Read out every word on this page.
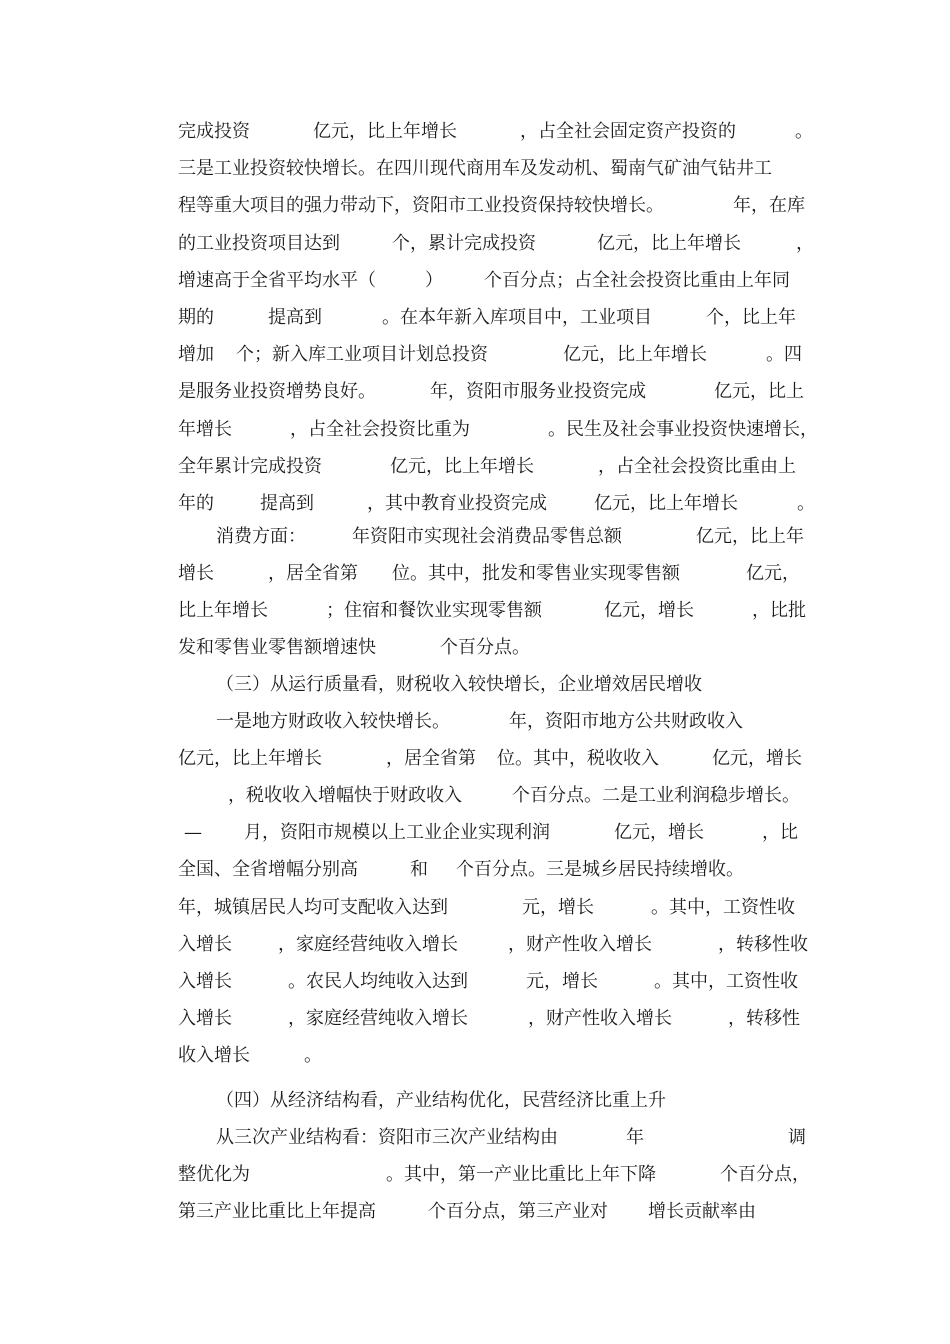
完成投资	亿元，比上年增长	，占全社会固定资产投资的	。
三是工业投资较快增长。在四川现代商用车及发动机、蜀南气矿油气钻井工
程等重大项目的强力带动下，资阳市工业投资保持较快增长。	年，在库
的工业投资项目达到	个，累计完成投资	亿元，比上年增长	，
增速高于全省平均水平（	） 个百分点；占全社会投资比重由上年同
期的	提高到	。在本年新入库项目中，工业项目	个，比上年
增加 个；新入库工业项目计划总投资	亿元，比上年增长	。四
是服务业投资增势良好。	年，资阳市服务业投资完成	亿元，比上
年增长	，占全社会投资比重为	。民生及社会事业投资快速增长，
全年累计完成投资	亿元，比上年增长	，占全社会投资比重由上
年的	提高到	，其中教育业投资完成	亿元，比上年增长	。
消费方面：	年资阳市实现社会消费品零售总额	亿元，比上年
增长	，居全省第 位。其中，批发和零售业实现零售额	亿元，
比上年增长	；住宿和餐饮业实现零售额	亿元，增长	，比批
发和零售业零售额增速快	个百分点。
（三）从运行质量看，财税收入较快增长，企业增效居民增收
一是地方财政收入较快增长。	年，资阳市地方公共财政收入
亿元，比上年增长	，居全省第 位。其中，税收收入	亿元，增长
，税收收入增幅快于财政收入	个百分点。二是工业利润稳步增长。
— 月，资阳市规模以上工业企业实现利润	亿元，增长	，比
全国、全省增幅分别高	和 个百分点。三是城乡居民持续增收。
年，城镇居民人均可支配收入达到	元，增长	。其中，工资性收
入增长	，家庭经营纯收入增长	，财产性收入增长	，转移性收
入增长	。农民人均纯收入达到	元，增长	。其中，工资性收
入增长	，家庭经营纯收入增长	，财产性收入增长	，转移性
收入增长	。
（四）从经济结构看，产业结构优化，民营经济比重上升
从三次产业结构看：资阳市三次产业结构由	年	调
整优化为	。其中，第一产业比重比上年下降	个百分点，
第三产业比重比上年提高	个百分点，第三产业对 增长贡献率由
